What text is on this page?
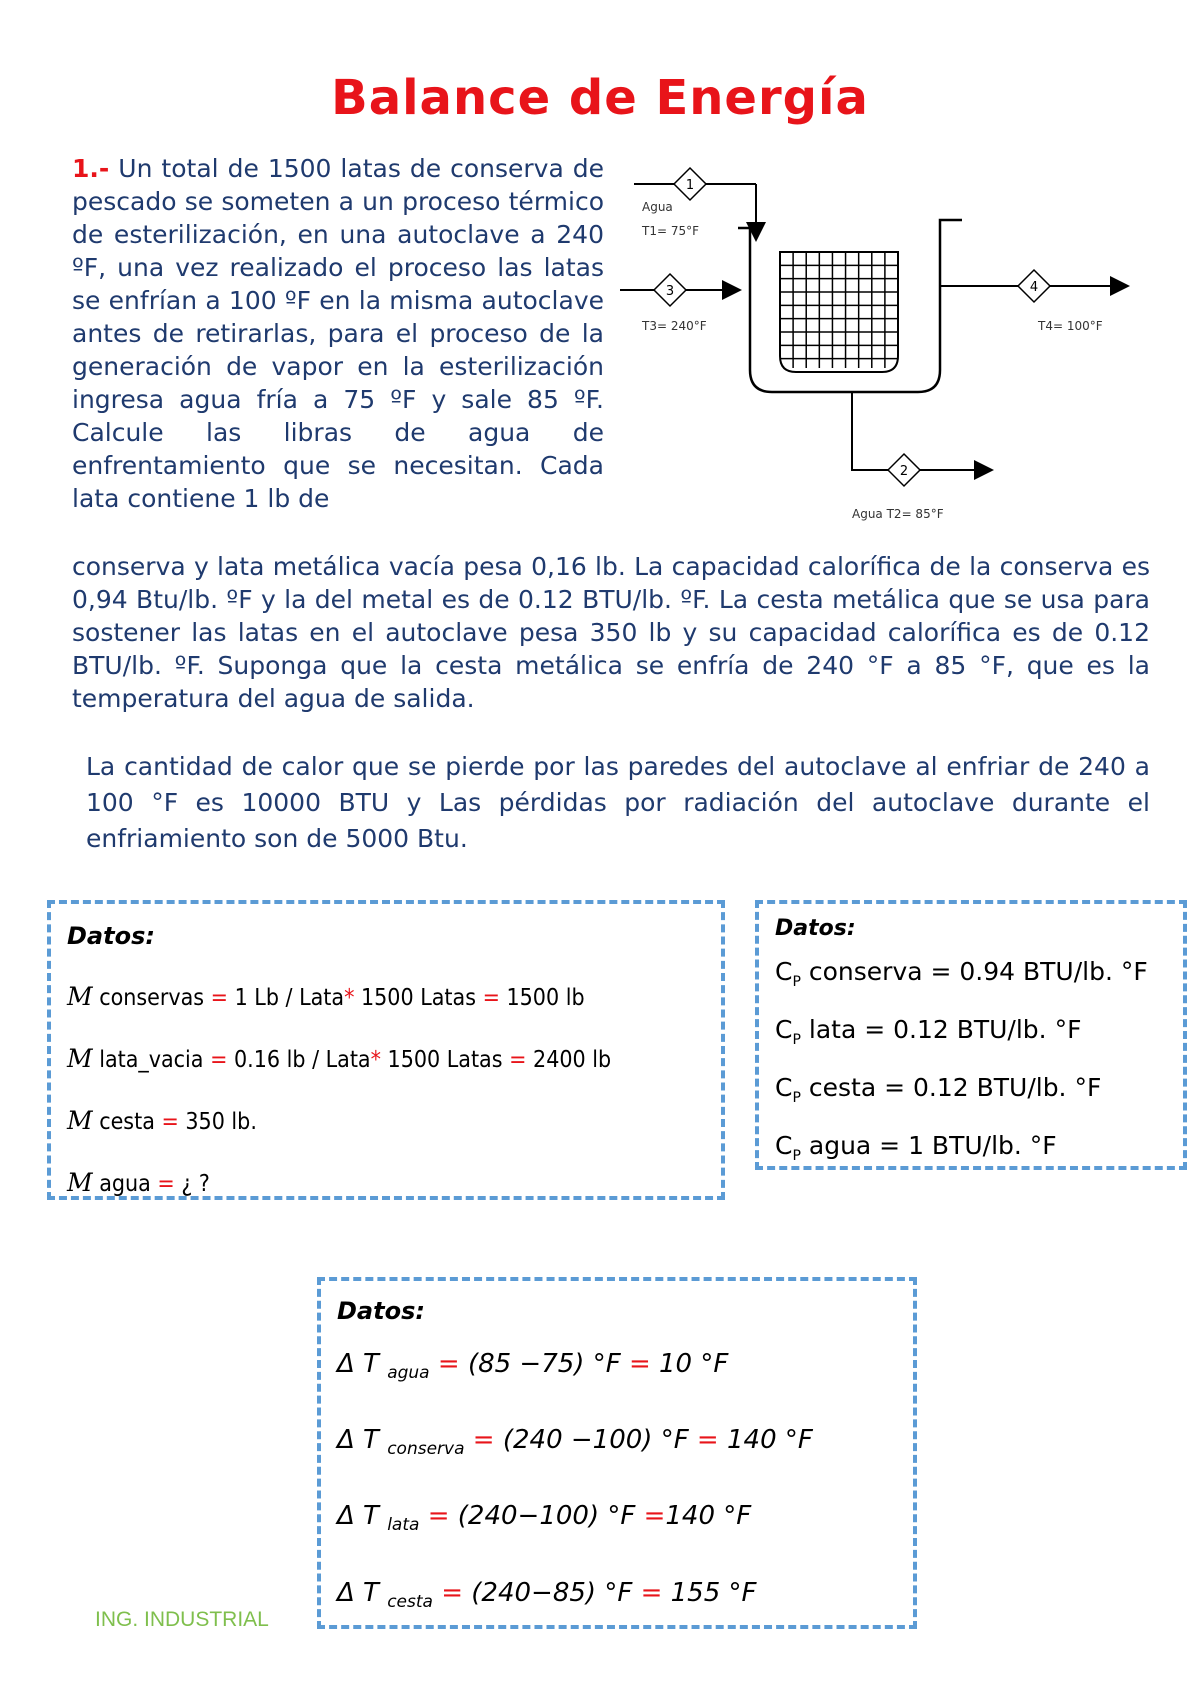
Balance de Energía
1.- Un total de 1500 latas de conserva de pescado se someten a un proceso térmico de esterilización, en una autoclave a 240 ºF, una vez realizado el proceso las latas se enfrían a 100 ºF en la misma autoclave antes de retirarlas, para el proceso de la generación de vapor en la esterilización ingresa agua fría a 75 ºF y sale 85 ºF. Calcule las libras de agua de enfrentamiento que se necesitan. Cada lata contiene 1 lb de
conserva y lata metálica vacía pesa 0,16 lb. La capacidad calorífica de la conserva es 0,94 Btu/lb. ºF y la del metal es de 0.12 BTU/lb. ºF. La cesta metálica que se usa para sostener las latas en el autoclave pesa 350 lb y su capacidad calorífica es de 0.12 BTU/lb. ºF. Suponga que la cesta metálica se enfría de 240 °F a 85 °F, que es la temperatura del agua de salida.
La cantidad de calor que se pierde por las paredes del autoclave al enfriar de 240 a 100 °F es 10000 BTU y Las pérdidas por radiación del autoclave durante el enfriamiento son de 5000 Btu.
1
Agua
T1= 75°F
3
T3= 240°F
4
T4= 100°F
2
Agua T2= 85°F
Datos:
M conservas = 1 Lb / Lata* 1500 Latas = 1500 lb
M lata_vacia = 0.16 lb / Lata* 1500 Latas = 2400 lb
M cesta = 350 lb.
M agua = ¿ ?
Datos:
$C_P$ conserva = 0.94 BTU/lb. °F
$C_P$ lata = 0.12 BTU/lb. °F
$C_P$ cesta = 0.12 BTU/lb. °F
$C_P$ agua = 1 BTU/lb. °F
Datos:
Δ T $_{agua}$ = (85 −75) °F = 10 °F
Δ T $_{conserva}$ = (240 −100) °F = 140 °F
Δ T $_{lata}$ = (240−100) °F =140 °F
Δ T $_{cesta}$ = (240−85) °F = 155 °F
ING. INDUSTRIAL
